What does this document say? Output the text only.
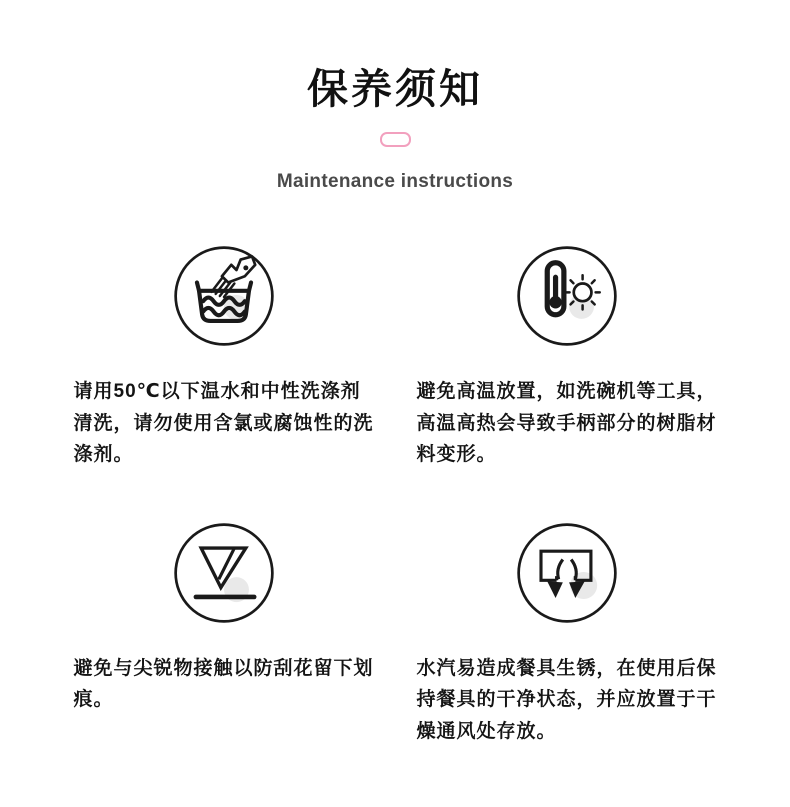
保养须知
Maintenance instructions

请用50℃以下温水和中性洗涤剂清洗，请勿使用含氯或腐蚀性的洗涤剂。

避免高温放置，如洗碗机等工具，高温高热会导致手柄部分的树脂材料变形。

避免与尖锐物接触以防刮花留下划痕。

水汽易造成餐具生锈，在使用后保持餐具的干净状态，并应放置于干燥通风处存放。
